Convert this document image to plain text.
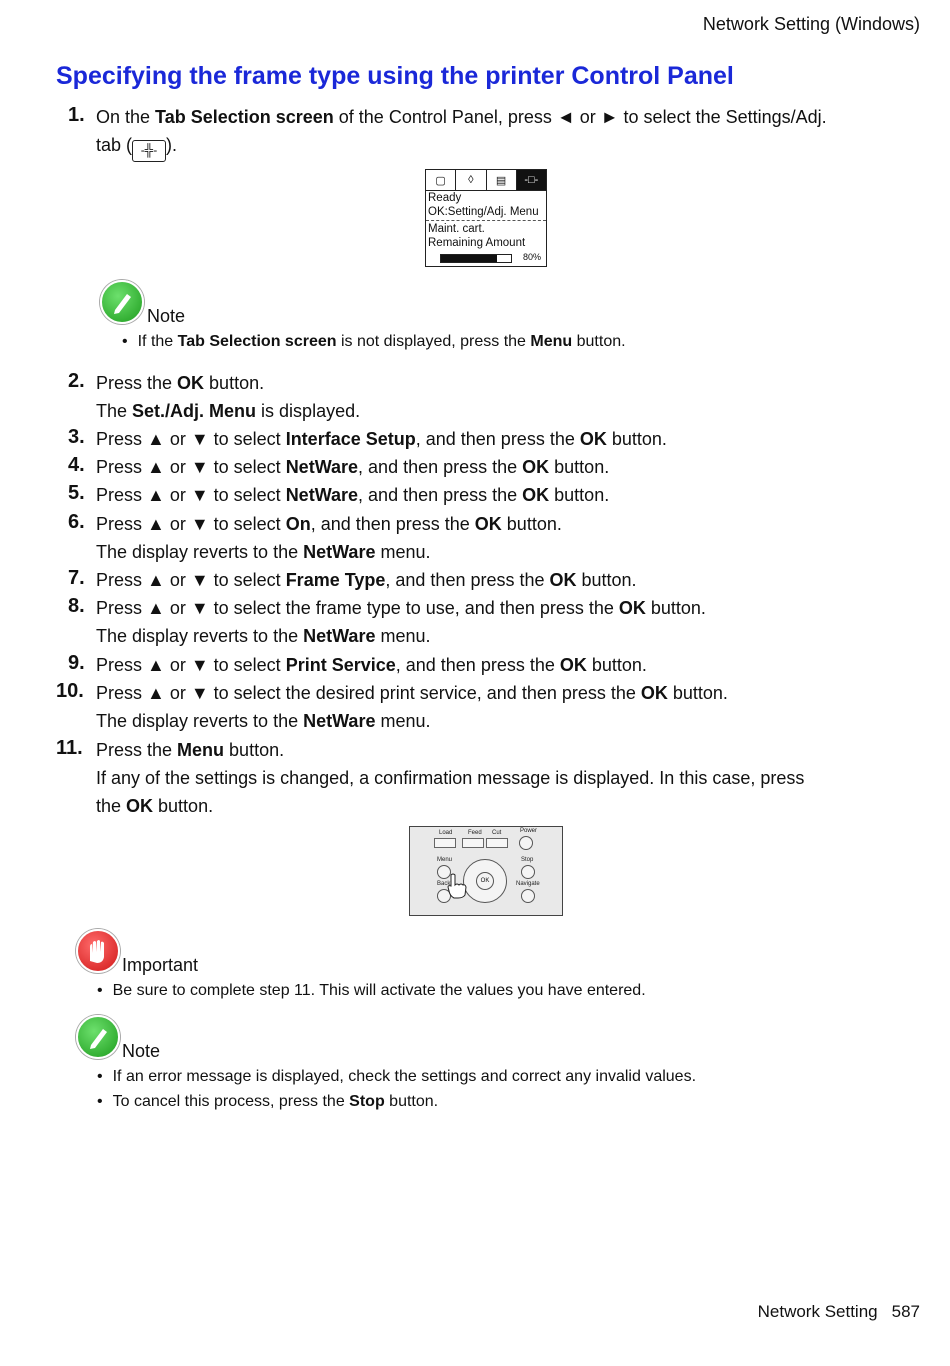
Network Setting (Windows)
Specifying the frame type using the printer Control Panel
1. On the Tab Selection screen of the Control Panel, press ◄ or ► to select the Settings/Adj.
tab ( -╬- ).
▢	◊	▤	-□-
Ready
OK:Setting/Adj. Menu
Maint. cart.
Remaining Amount
80%
Note
• If the Tab Selection screen is not displayed, press the Menu button.
2. Press the OK button.
The Set./Adj. Menu is displayed.
3. Press ▲ or ▼ to select Interface Setup, and then press the OK button.
4. Press ▲ or ▼ to select NetWare, and then press the OK button.
5. Press ▲ or ▼ to select NetWare, and then press the OK button.
6. Press ▲ or ▼ to select On, and then press the OK button.
The display reverts to the NetWare menu.
7. Press ▲ or ▼ to select Frame Type, and then press the OK button.
8. Press ▲ or ▼ to select the frame type to use, and then press the OK button.
The display reverts to the NetWare menu.
9. Press ▲ or ▼ to select Print Service, and then press the OK button.
10. Press ▲ or ▼ to select the desired print service, and then press the OK button.
The display reverts to the NetWare menu.
11. Press the Menu button.
If any of the settings is changed, a confirmation message is displayed. In this case, press
the OK button.
Load	Feed Cut	Power
Menu	Stop
Back	Navigate
OK
Important
• Be sure to complete step 11. This will activate the values you have entered.
Note
• If an error message is displayed, check the settings and correct any invalid values.
• To cancel this process, press the Stop button.
Network Setting 587
